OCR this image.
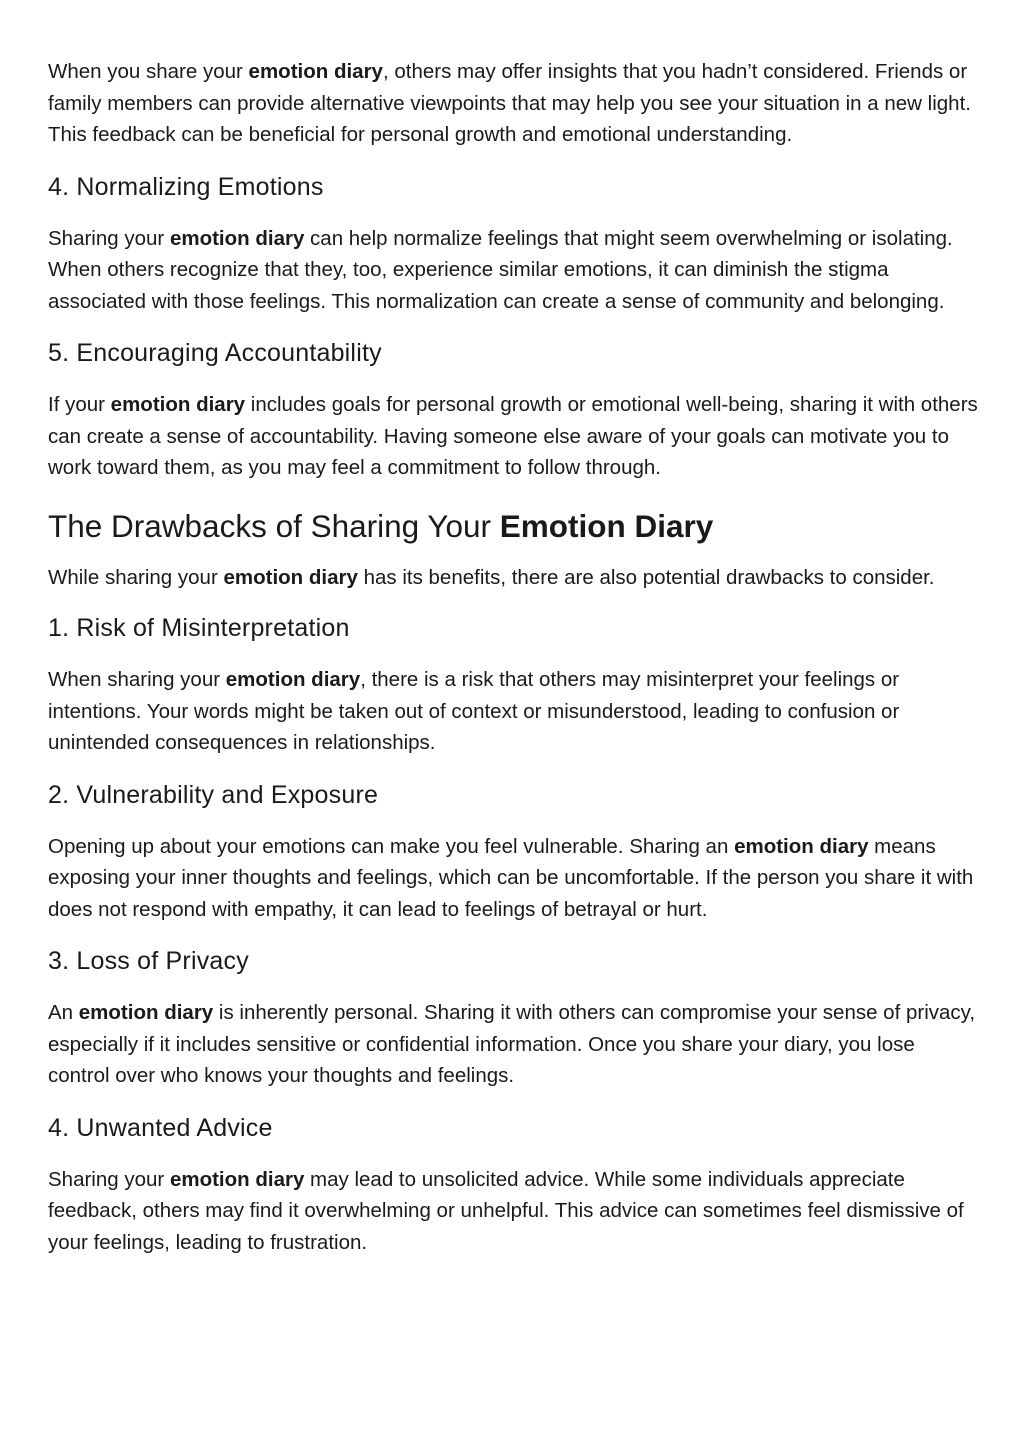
When you share your emotion diary, others may offer insights that you hadn’t considered. Friends or family members can provide alternative viewpoints that may help you see your situation in a new light. This feedback can be beneficial for personal growth and emotional understanding.

4. Normalizing Emotions

Sharing your emotion diary can help normalize feelings that might seem overwhelming or isolating. When others recognize that they, too, experience similar emotions, it can diminish the stigma associated with those feelings. This normalization can create a sense of community and belonging.

5. Encouraging Accountability

If your emotion diary includes goals for personal growth or emotional well-being, sharing it with others can create a sense of accountability. Having someone else aware of your goals can motivate you to work toward them, as you may feel a commitment to follow through.

The Drawbacks of Sharing Your Emotion Diary

While sharing your emotion diary has its benefits, there are also potential drawbacks to consider.

1. Risk of Misinterpretation

When sharing your emotion diary, there is a risk that others may misinterpret your feelings or intentions. Your words might be taken out of context or misunderstood, leading to confusion or unintended consequences in relationships.

2. Vulnerability and Exposure

Opening up about your emotions can make you feel vulnerable. Sharing an emotion diary means exposing your inner thoughts and feelings, which can be uncomfortable. If the person you share it with does not respond with empathy, it can lead to feelings of betrayal or hurt.

3. Loss of Privacy

An emotion diary is inherently personal. Sharing it with others can compromise your sense of privacy, especially if it includes sensitive or confidential information. Once you share your diary, you lose control over who knows your thoughts and feelings.

4. Unwanted Advice

Sharing your emotion diary may lead to unsolicited advice. While some individuals appreciate feedback, others may find it overwhelming or unhelpful. This advice can sometimes feel dismissive of your feelings, leading to frustration.
